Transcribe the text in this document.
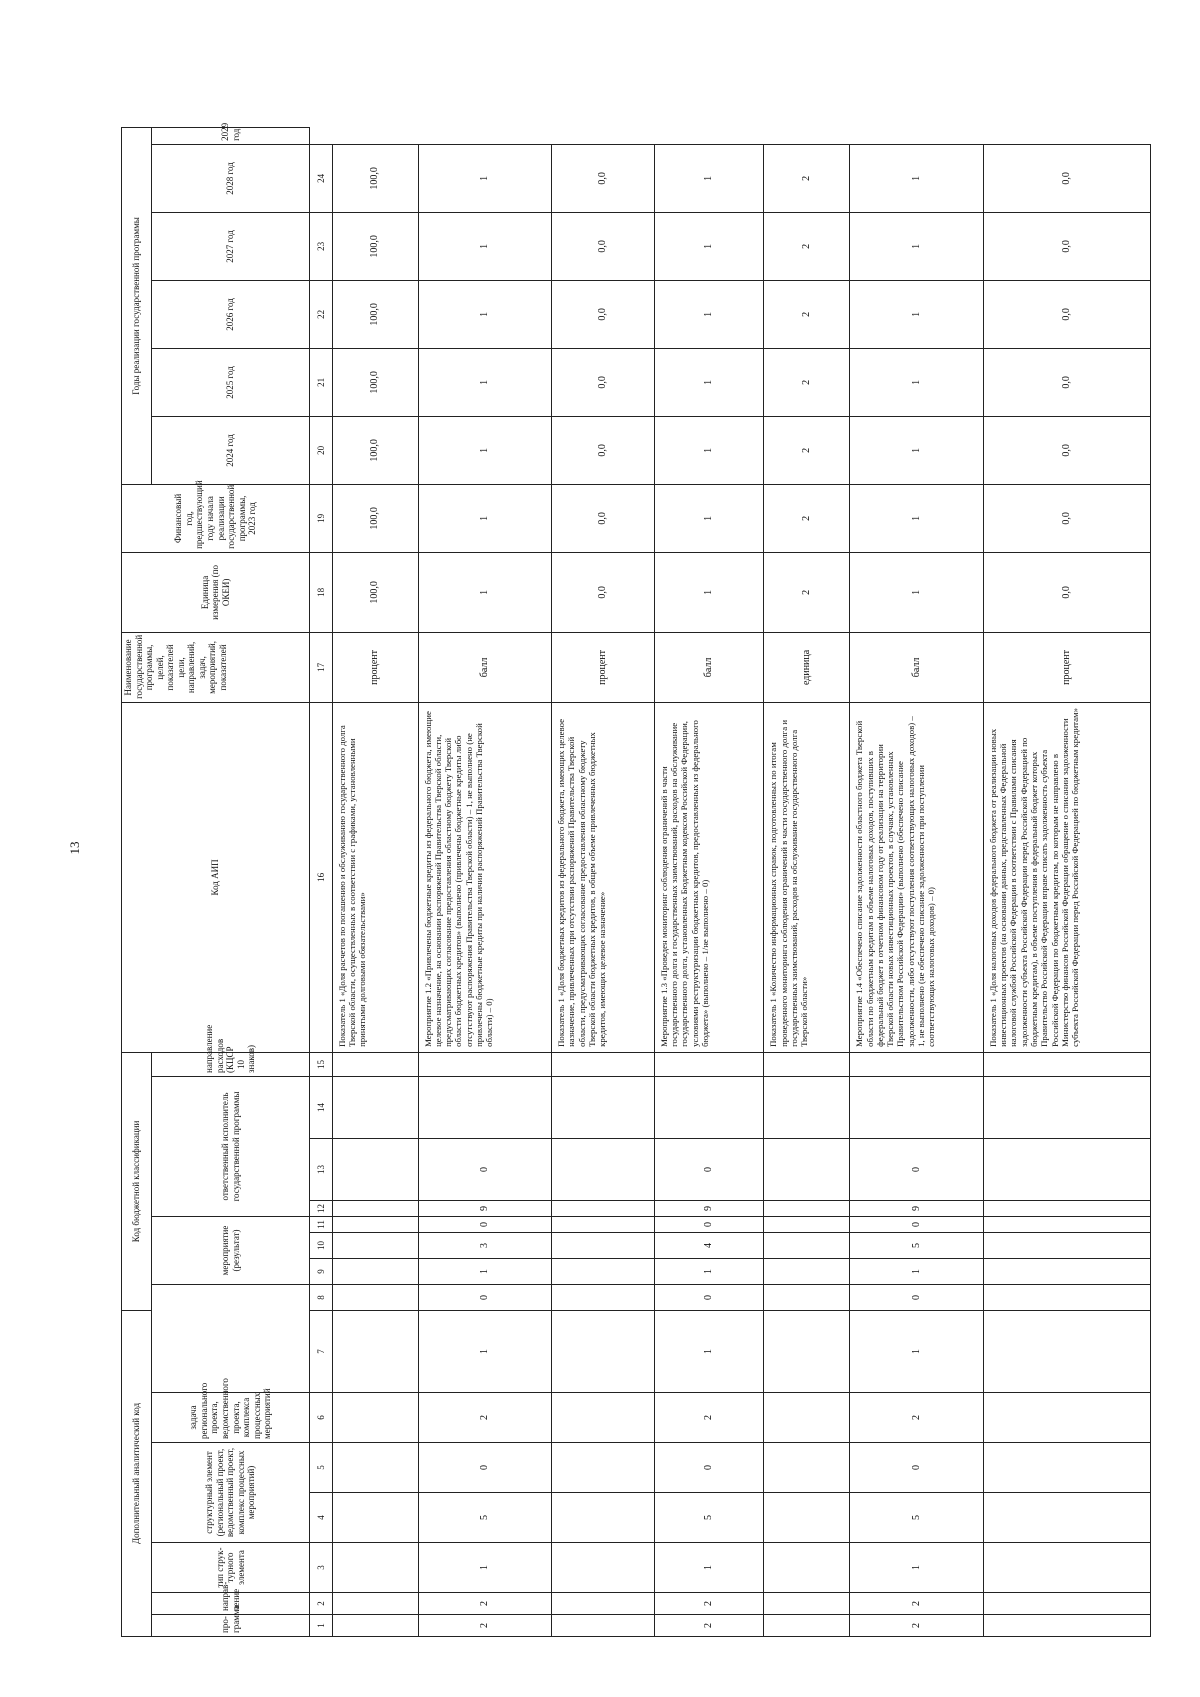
13
Дополнительный аналитический код							Код бюджетной классификации								Код АИП	Наименование государственной программы, целей, показателей цели, направлений, задач, мероприятий, показателей	Единица измерения (по ОКЕИ)	Финансовый год, предшествующий году начала реализации государственной программы, 2023 год	Годы реализации государственной программы					
про-грамма	направ-ление	тип струк-турного элемента	структурный элемент (региональный проект, ведомственный проект, комплекс процессных мероприятий)		задача регионального проекта, ведомственного проекта, комплекса процессных мероприятий			мероприятие (результат)			ответственный исполнитель государственной программы			направление расходов (КЦСР 10 знаков)					2024 год	2025 год	2026 год	2027 год	2028 год	2029 год
1	2	3	4	5	6	7	8	9	10	11	12	13	14	15	16	17	18	19	20	21	22	23	24	
															Показатель 1 «Доля расчетов по погашению и обслуживанию государственного долга Тверской области, осуществленных в соответствии с графиками, установленными принятыми долговыми обязательствами»	процент	100,0	100,0	100,0	100,0	100,0	100,0	100,0	
2	2	1	5	0	2	1	0	1	3	0	9	0			Мероприятие 1.2 «Привлечены бюджетные кредиты из федерального бюджета, имеющие целевое назначение, на основании распоряжений Правительства Тверской области, предусматривающих согласование предоставления областному бюджету Тверской области бюджетных кредитов» (выполнено (привлечены бюджетные кредиты либо отсутствуют распоряжения Правительства Тверской области) – 1, не выполнено (не привлечены бюджетные кредиты при наличии распоряжений Правительства Тверской области) – 0)	балл	1	1	1	1	1	1	1	
															Показатель 1 «Доля бюджетных кредитов из федерального бюджета, имеющих целевое назначение, привлеченных при отсутствии распоряжений Правительства Тверской области, предусматривающих согласование предоставления областному бюджету Тверской области бюджетных кредитов, в общем объеме привлеченных бюджетных кредитов, имеющих целевое назначение»	процент	0,0	0,0	0,0	0,0	0,0	0,0	0,0	
2	2	1	5	0	2	1	0	1	4	0	9	0			Мероприятие 1.3 «Проведен мониторинг соблюдения ограничений в части государственного долга и государственных заимствований, расходов на обслуживание государственного долга, установленных Бюджетным кодексом Российской Федерации, условиями реструктуризации бюджетных кредитов, предоставленных из федерального бюджета» (выполнено – 1/не выполнено – 0)	балл	1	1	1	1	1	1	1	
															Показатель 1 «Количество информационных справок, подготовленных по итогам проведенного мониторинга соблюдения ограничений в части государственного долга и государственных заимствований, расходов на обслуживание государственного долга Тверской области»	единица	2	2	2	2	2	2	2	
2	2	1	5	0	2	1	0	1	5	0	9	0			Мероприятие 1.4 «Обеспечено списание задолженности областного бюджета Тверской области по бюджетным кредитам в объеме налоговых доходов, поступивших в федеральный бюджет в отчетном финансовом году от реализации на территории Тверской области новых инвестиционных проектов, в случаях, установленных Правительством Российской Федерации» (выполнено (обеспечено списание задолженности, либо отсутствуют поступления соответствующих налоговых доходов) – 1, не выполнено (не обеспечено списание задолженности при поступлении соответствующих налоговых доходов) – 0)	балл	1	1	1	1	1	1	1	
															Показатель 1 «Доля налоговых доходов федерального бюджета от реализации новых инвестиционных проектов (на основании данных, представленных Федеральной налоговой службой Российской Федерации в соответствии с Правилами списания задолженности субъекта Российской Федерации перед Российской Федерацией по бюджетным кредитам), в объеме поступления в федеральный бюджет которых Правительство Российской Федерации вправе списать задолженность субъекта Российской Федерации по бюджетным кредитам, по которым не направлено в Министерство финансов Российской Федерации обращение о списании задолженности субъекта Российской Федерации перед Российской Федерацией по бюджетным кредитам»	процент	0,0	0,0	0,0	0,0	0,0	0,0	0,0	
